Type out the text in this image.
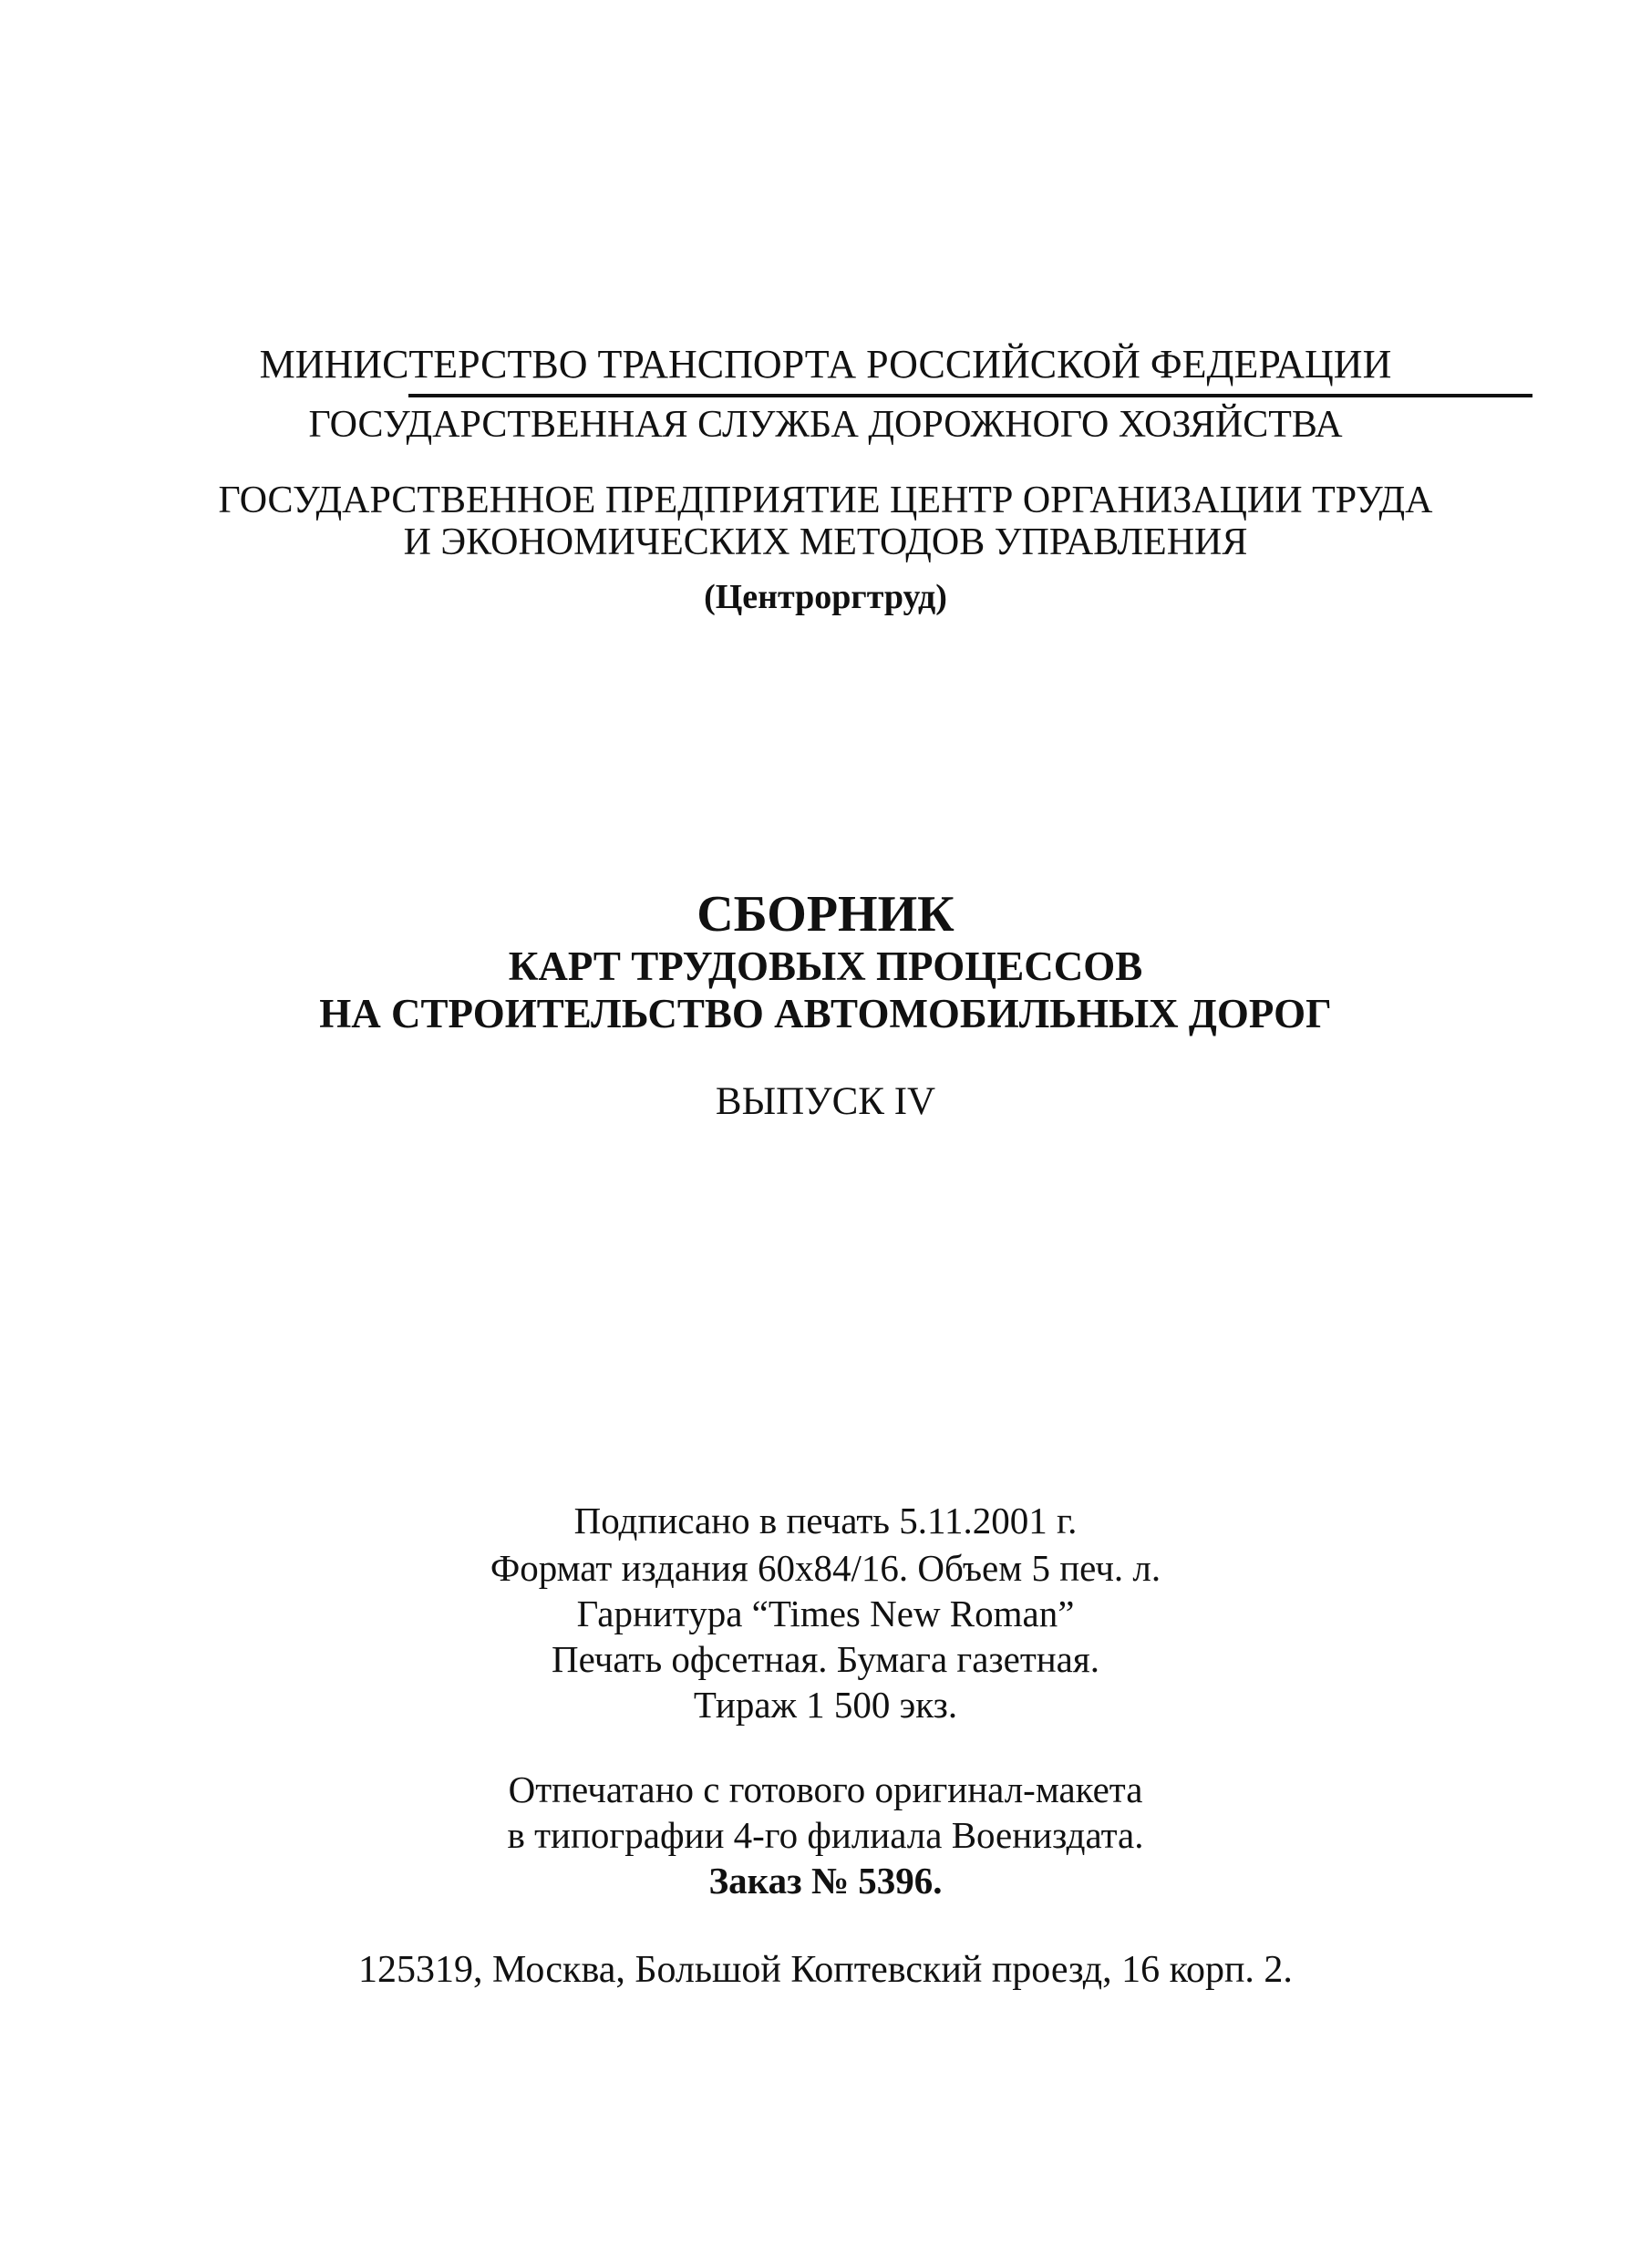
МИНИСТЕРСТВО ТРАНСПОРТА РОССИЙСКОЙ ФЕДЕРАЦИИ
ГОСУДАРСТВЕННАЯ СЛУЖБА ДОРОЖНОГО ХОЗЯЙСТВА
ГОСУДАРСТВЕННОЕ ПРЕДПРИЯТИЕ ЦЕНТР ОРГАНИЗАЦИИ ТРУДА
И ЭКОНОМИЧЕСКИХ МЕТОДОВ УПРАВЛЕНИЯ
(Центроргтруд)
СБОРНИК
КАРТ ТРУДОВЫХ ПРОЦЕССОВ
НА СТРОИТЕЛЬСТВО АВТОМОБИЛЬНЫХ ДОРОГ
ВЫПУСК IV
Подписано в печать 5.11.2001 г.
Формат издания 60х84/16. Объем 5 печ. л.
Гарнитура “Times New Roman”
Печать офсетная. Бумага газетная.
Тираж 1 500 экз.
Отпечатано с готового оригинал-макета
в типографии 4-го филиала Воениздата.
Заказ № 5396.
125319, Москва, Большой Коптевский проезд, 16 корп. 2.
